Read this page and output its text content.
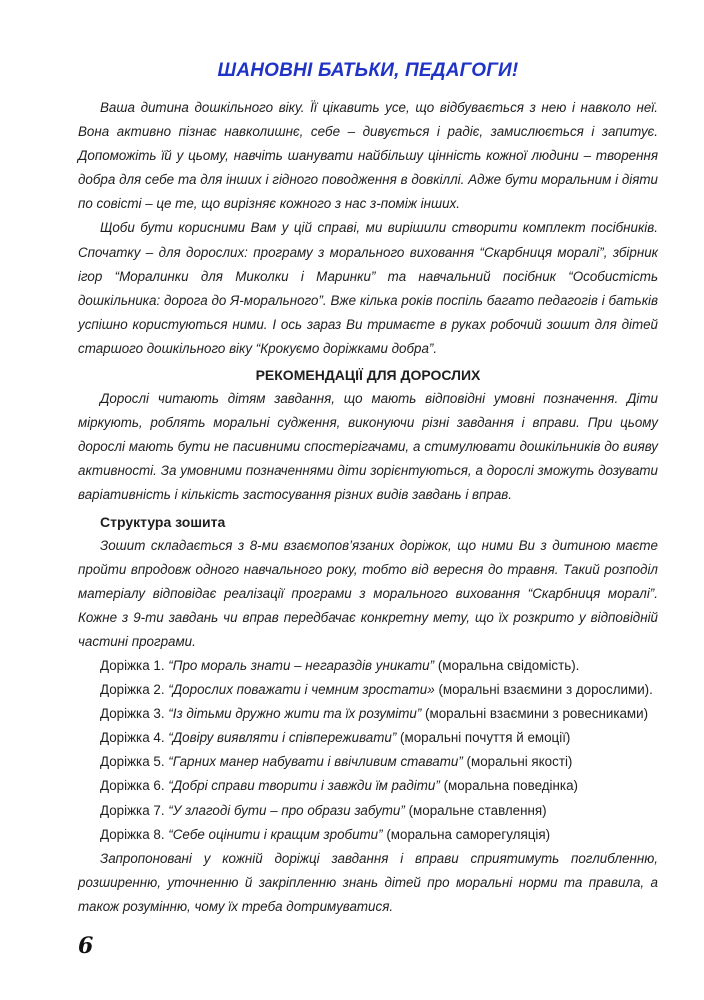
ШАНОВНІ БАТЬКИ, ПЕДАГОГИ!

Ваша дитина дошкільного віку. Її цікавить усе, що відбувається з нею і навколо неї. Вона активно пізнає навколишнє, себе – дивується і радіє, замислюється і запитує. Допоможіть їй у цьому, навчіть шанувати найбільшу цінність кожної людини – творення добра для себе та для інших і гідного поводження в довкіллі. Адже бути моральним і діяти по совісті – це те, що вирізняє кожного з нас з-поміж інших.

Щоби бути корисними Вам у цій справі, ми вирішили створити комплект посібників. Спочатку – для дорослих: програму з морального виховання “Скарбниця моралі”, збірник ігор “Моралинки для Миколки і Маринки” та навчальний посібник “Особистість дошкільника: дорога до Я-морального”. Вже кілька років поспіль багато педагогів і батьків успішно користуються ними. І ось зараз Ви тримаєте в руках робочий зошит для дітей старшого дошкільного віку “Крокуємо доріжками добра”.

РЕКОМЕНДАЦІЇ ДЛЯ ДОРОСЛИХ

Дорослі читають дітям завдання, що мають відповідні умовні позначення. Діти міркують, роблять моральні судження, виконуючи різні завдання і вправи. При цьому дорослі мають бути не пасивними спостерігачами, а стимулювати дошкільників до вияву активності. За умовними позначеннями діти зорієнтуються, а дорослі зможуть дозувати варіативність і кількість застосування різних видів завдань і вправ.

Структура зошита

Зошит складається з 8-ми взаємопов’язаних доріжок, що ними Ви з дитиною маєте пройти впродовж одного навчального року, тобто від вересня до травня. Такий розподіл матеріалу відповідає реалізації програми з морального виховання “Скарбниця моралі”. Кожне з 9-ти завдань чи вправ передбачає конкретну мету, що їх розкрито у відповідній частині програми.

Доріжка 1. “Про мораль знати – негараздів уникати” (моральна свідомість).
Доріжка 2. “Дорослих поважати і чемним зростати» (моральні взаємини з дорослими).
Доріжка 3. “Із дітьми дружно жити та їх розуміти” (моральні взаємини з ровесниками)
Доріжка 4. “Довіру виявляти і співпереживати” (моральні почуття й емоції)
Доріжка 5. “Гарних манер набувати і ввічливим ставати” (моральні якості)
Доріжка 6. “Добрі справи творити і завжди їм радіти” (моральна поведінка)
Доріжка 7. “У злагоді бути – про образи забути” (моральне ставлення)
Доріжка 8. “Себе оцінити і кращим зробити” (моральна саморегуляція)

Запропоновані у кожній доріжці завдання і вправи сприятимуть поглибленню, розширенню, уточненню й закріпленню знань дітей про моральні норми та правила, а також розумінню, чому їх треба дотримуватися.

6
